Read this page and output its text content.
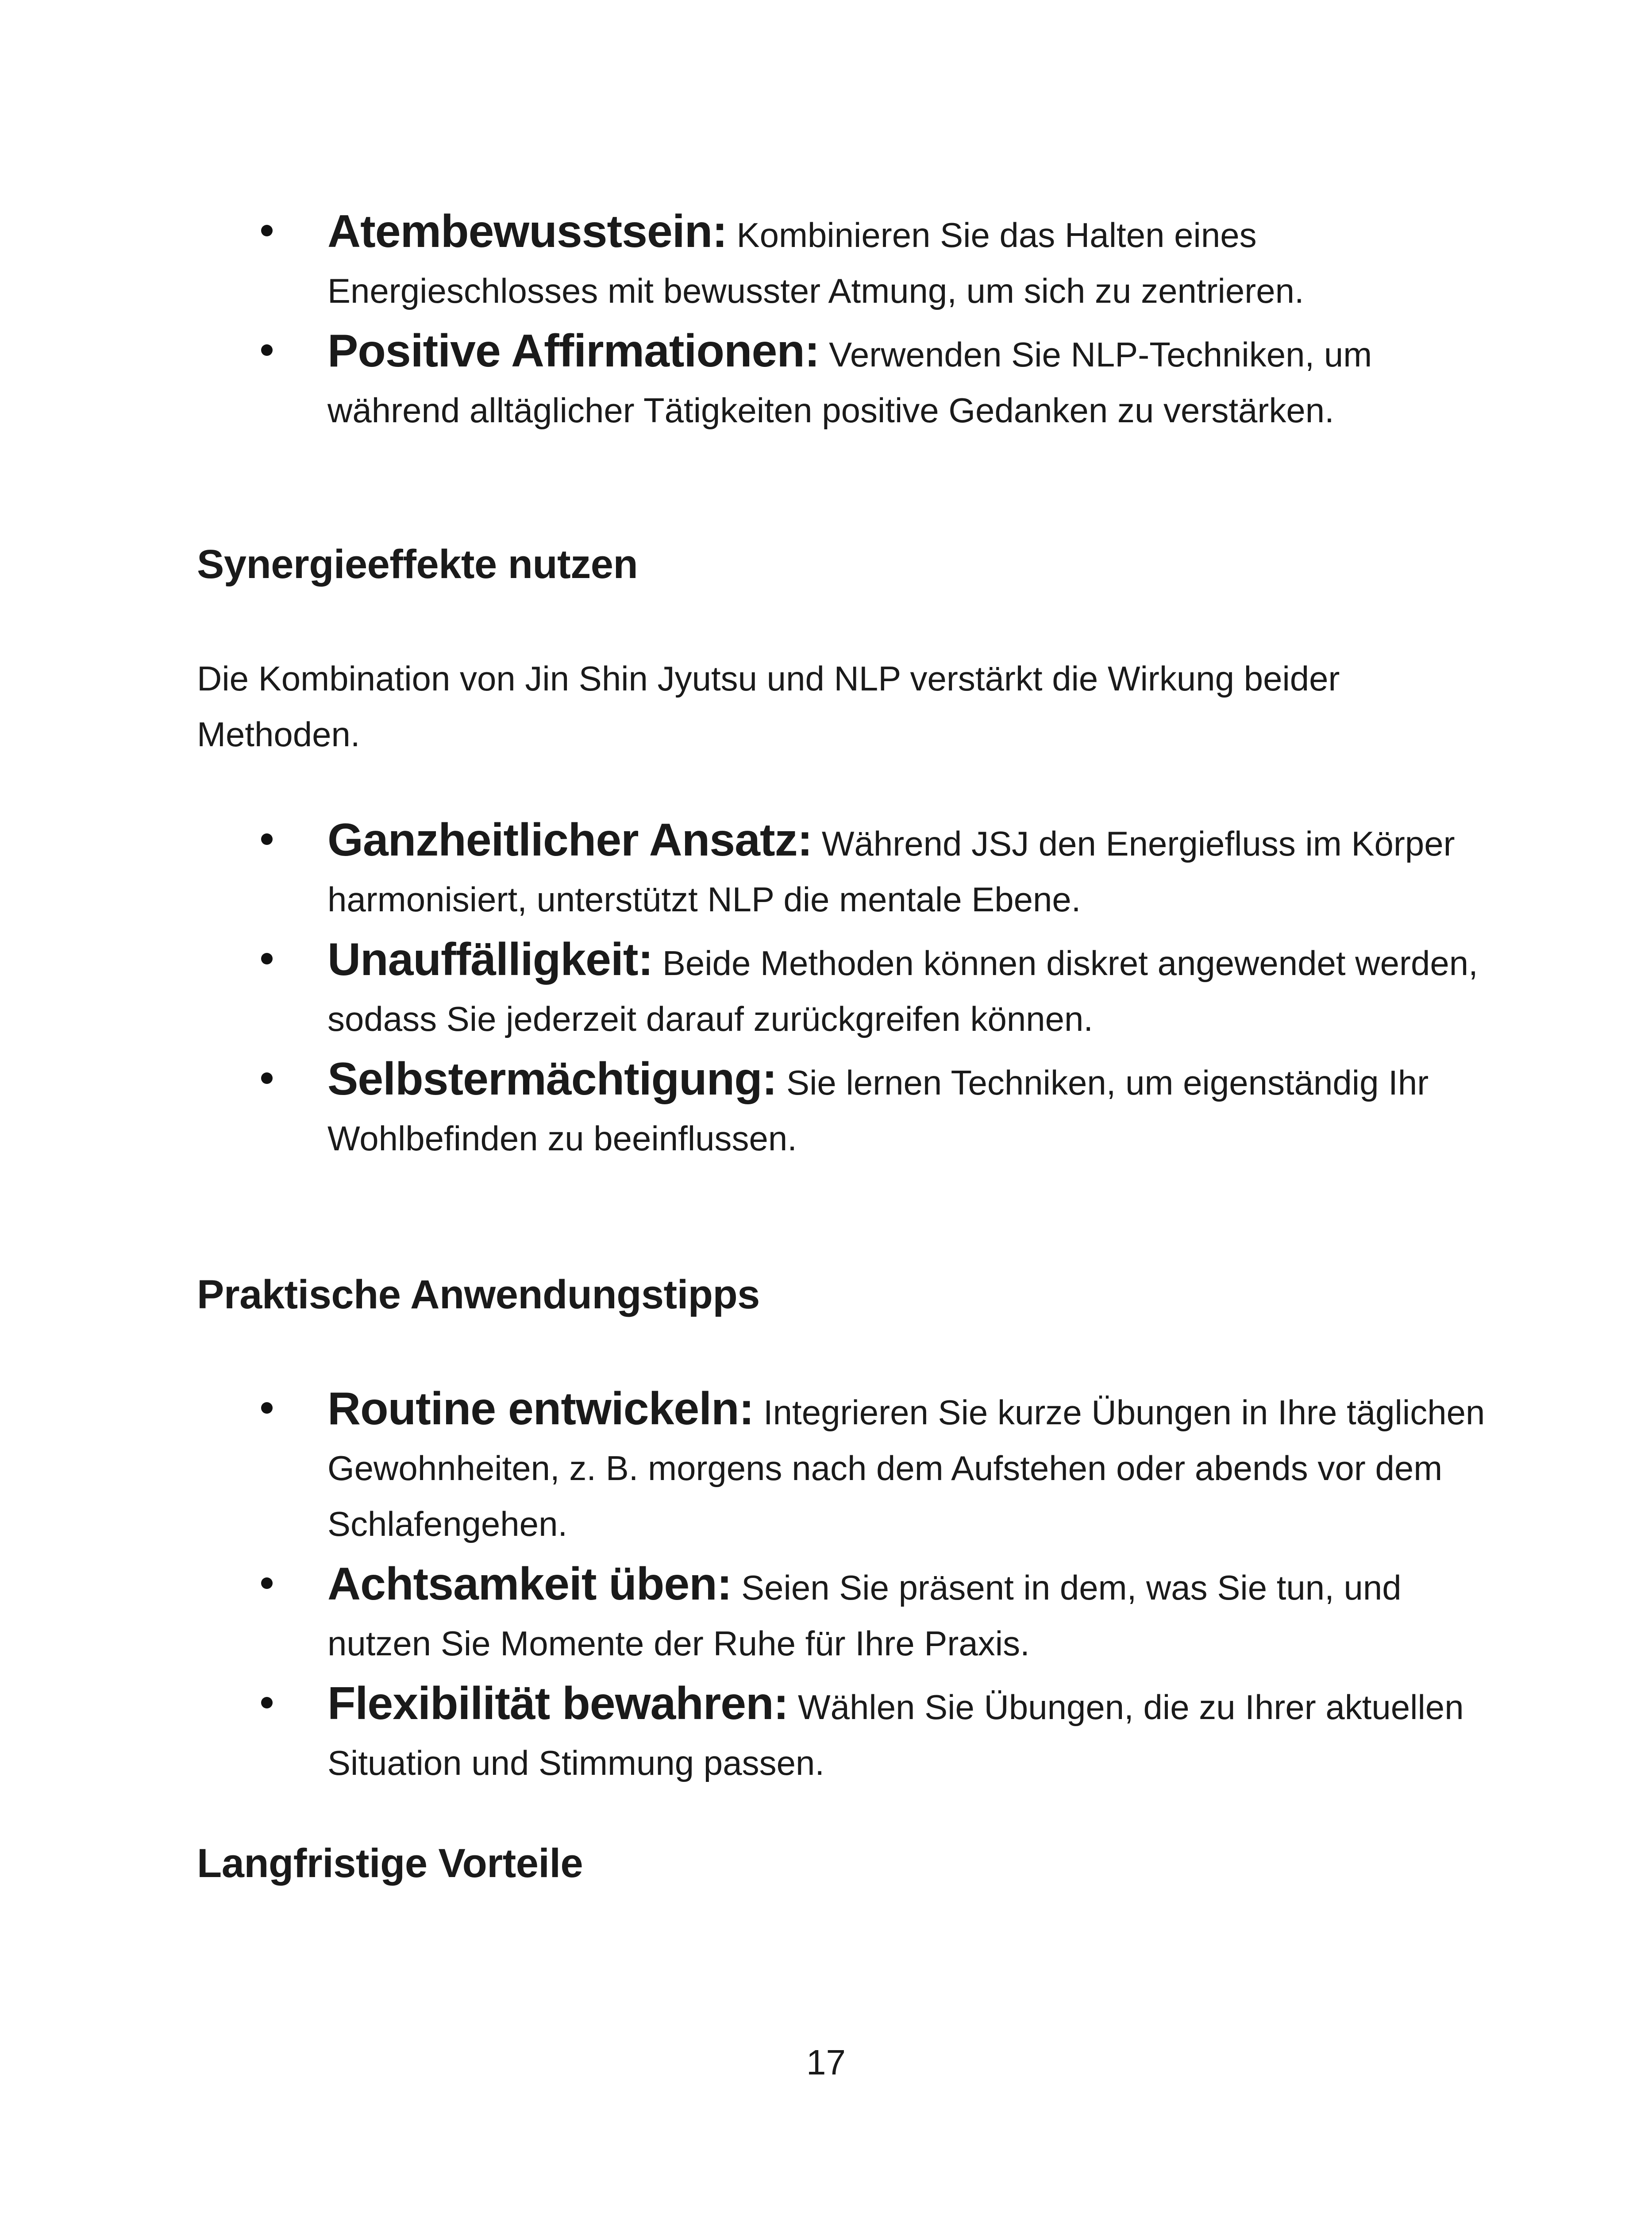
Atembewusstsein: Kombinieren Sie das Halten eines Energieschlosses mit bewusster Atmung, um sich zu zentrieren.
Positive Affirmationen: Verwenden Sie NLP-Techniken, um während alltäglicher Tätigkeiten positive Gedanken zu verstärken.
Synergieeffekte nutzen

Die Kombination von Jin Shin Jyutsu und NLP verstärkt die Wirkung beider Methoden.

Ganzheitlicher Ansatz: Während JSJ den Energiefluss im Körper harmonisiert, unterstützt NLP die mentale Ebene.
Unauffälligkeit: Beide Methoden können diskret angewendet werden, sodass Sie jederzeit darauf zurückgreifen können.
Selbstermächtigung: Sie lernen Techniken, um eigenständig Ihr Wohlbefinden zu beeinflussen.
Praktische Anwendungstipps
Routine entwickeln: Integrieren Sie kurze Übungen in Ihre täglichen Gewohnheiten, z. B. morgens nach dem Aufstehen oder abends vor dem Schlafengehen.
Achtsamkeit üben: Seien Sie präsent in dem, was Sie tun, und nutzen Sie Momente der Ruhe für Ihre Praxis.
Flexibilität bewahren: Wählen Sie Übungen, die zu Ihrer aktuellen Situation und Stimmung passen.
Langfristige Vorteile
17
